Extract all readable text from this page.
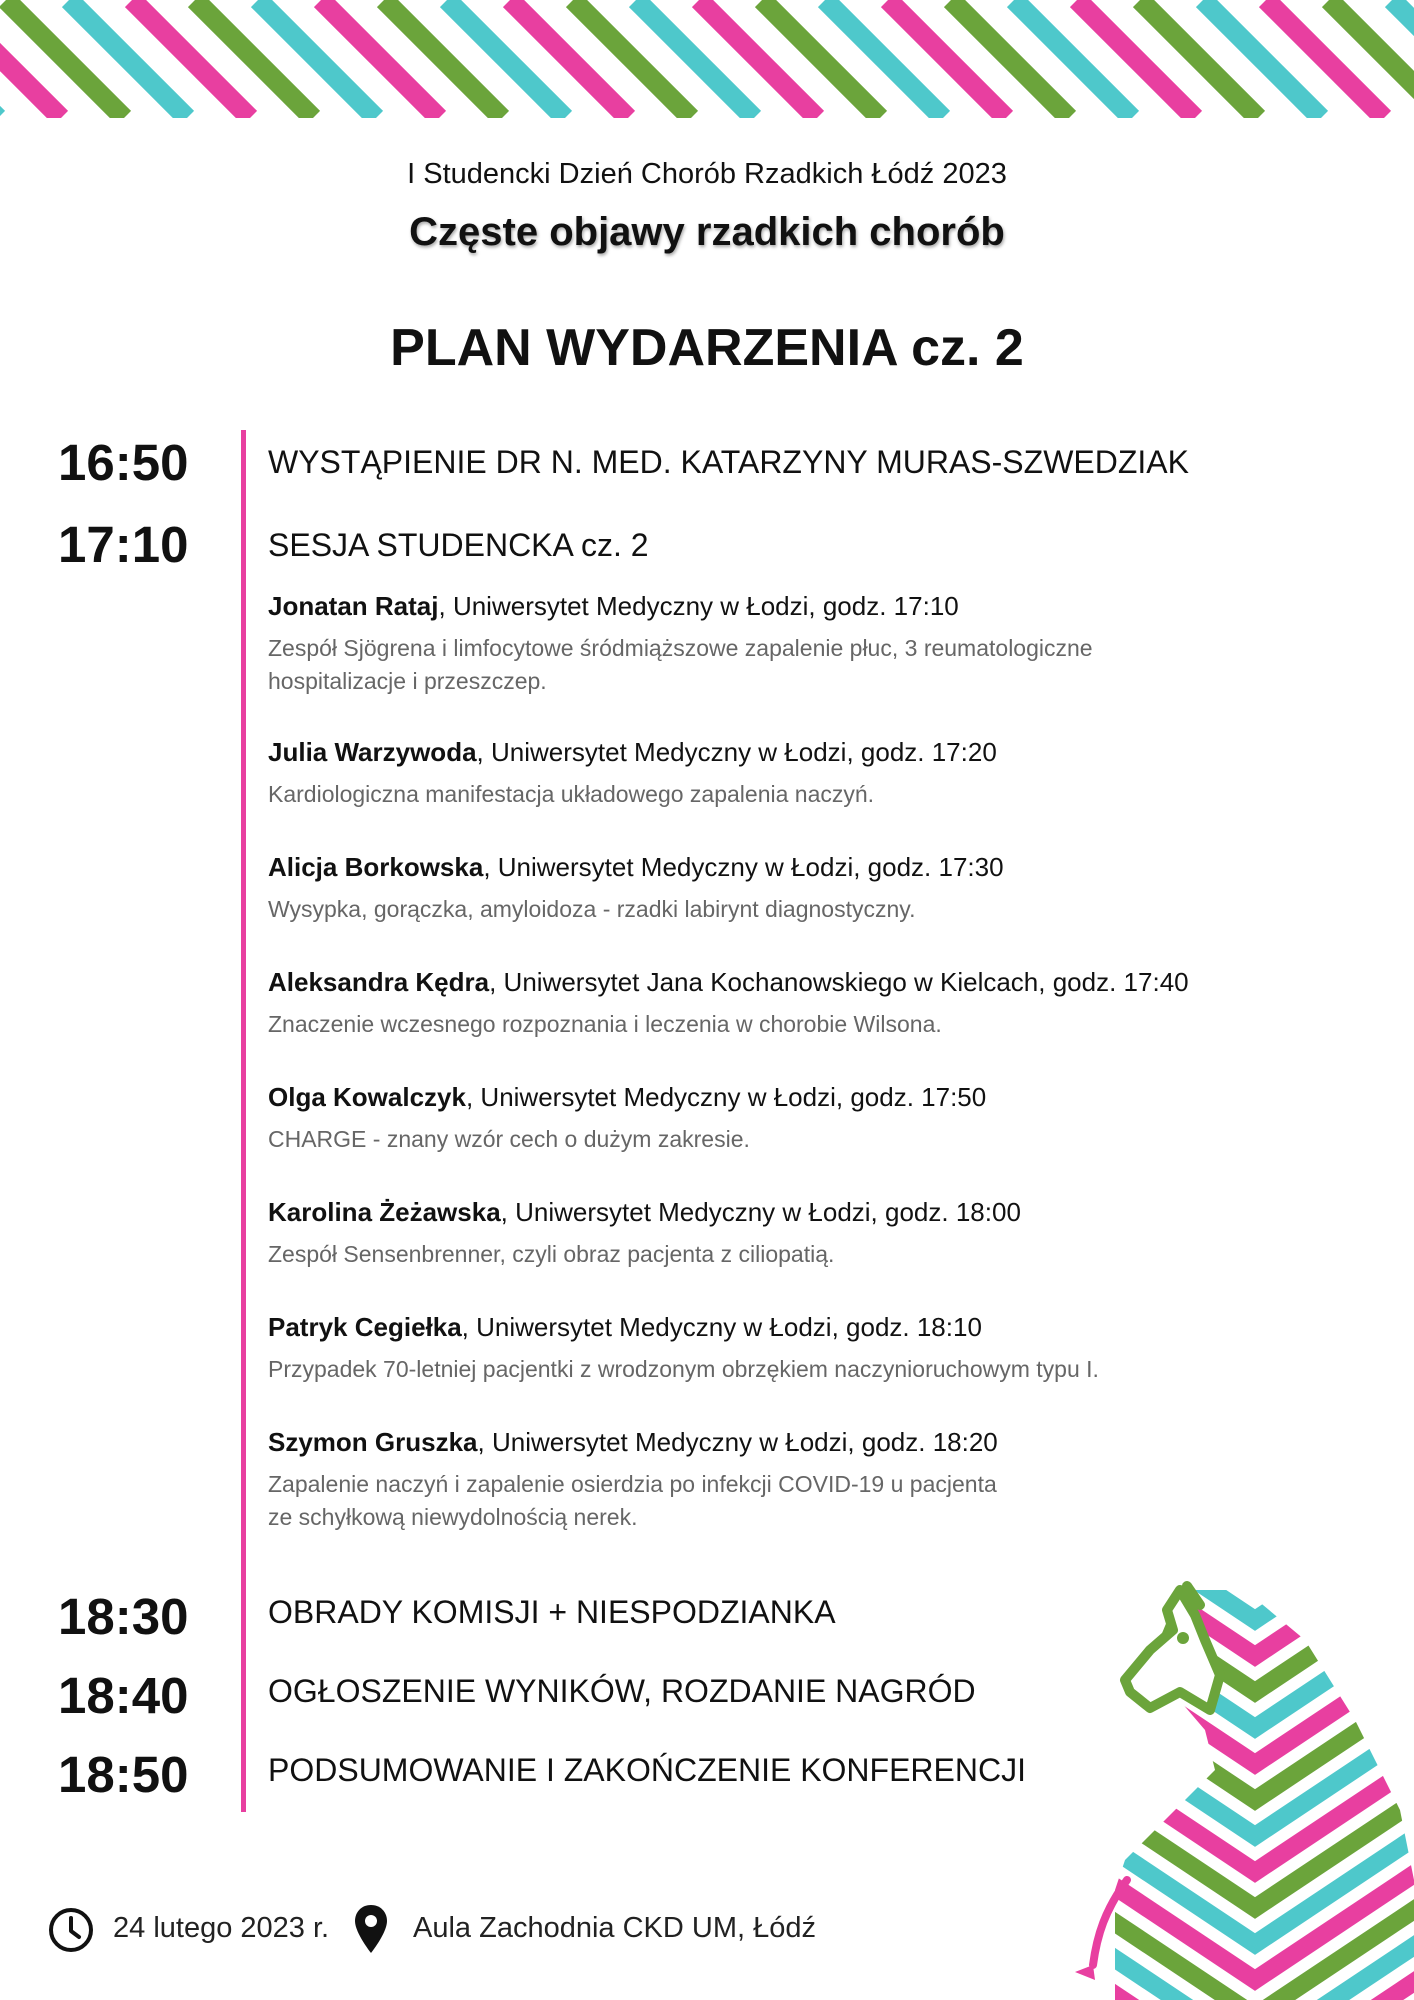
I Studencki Dzień Chorób Rzadkich Łódź 2023
Częste objawy rzadkich chorób
PLAN WYDARZENIA cz. 2
16:50 WYSTĄPIENIE DR N. MED. KATARZYNY MURAS-SZWEDZIAK
17:10 SESJA STUDENCKA cz. 2
Jonatan Rataj, Uniwersytet Medyczny w Łodzi, godz. 17:10
Zespół Sjögrena i limfocytowe śródmiąższowe zapalenie płuc, 3 reumatologiczne
hospitalizacje i przeszczep.
Julia Warzywoda, Uniwersytet Medyczny w Łodzi, godz. 17:20
Kardiologiczna manifestacja układowego zapalenia naczyń.
Alicja Borkowska, Uniwersytet Medyczny w Łodzi, godz. 17:30
Wysypka, gorączka, amyloidoza - rzadki labirynt diagnostyczny.
Aleksandra Kędra, Uniwersytet Jana Kochanowskiego w Kielcach, godz. 17:40
Znaczenie wczesnego rozpoznania i leczenia w chorobie Wilsona.
Olga Kowalczyk, Uniwersytet Medyczny w Łodzi, godz. 17:50
CHARGE - znany wzór cech o dużym zakresie.
Karolina Żeżawska, Uniwersytet Medyczny w Łodzi, godz. 18:00
Zespół Sensenbrenner, czyli obraz pacjenta z ciliopatią.
Patryk Cegiełka, Uniwersytet Medyczny w Łodzi, godz. 18:10
Przypadek 70-letniej pacjentki z wrodzonym obrzękiem naczynioruchowym typu I.
Szymon Gruszka, Uniwersytet Medyczny w Łodzi, godz. 18:20
Zapalenie naczyń i zapalenie osierdzia po infekcji COVID-19 u pacjenta
ze schyłkową niewydolnością nerek.
18:30 OBRADY KOMISJI + NIESPODZIANKA
18:40 OGŁOSZENIE WYNIKÓW, ROZDANIE NAGRÓD
18:50 PODSUMOWANIE I ZAKOŃCZENIE KONFERENCJI
24 lutego 2023 r.	Aula Zachodnia CKD UM, Łódź
